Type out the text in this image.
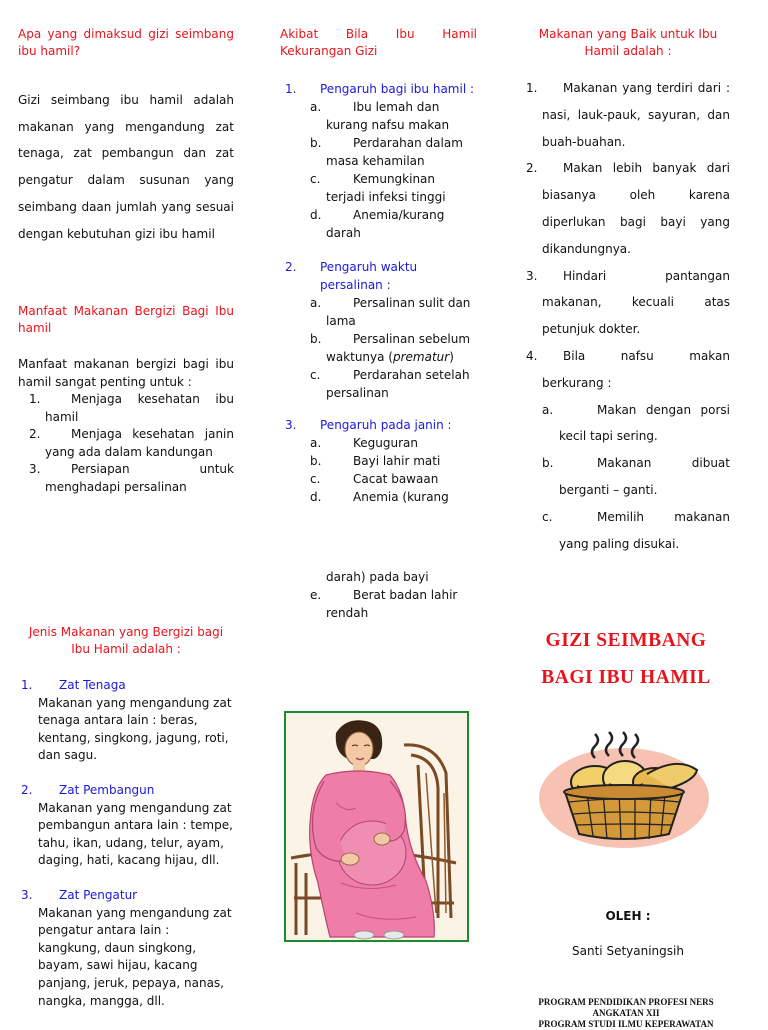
Apa yang dimaksud gizi seimbang ibu hamil?

Gizi seimbang ibu hamil adalah makanan yang mengandung zat tenaga, zat pembangun dan zat pengatur dalam susunan yang seimbang daan jumlah yang sesuai dengan kebutuhan gizi ibu hamil

Manfaat Makanan Bergizi Bagi Ibu hamil

Manfaat makanan bergizi bagi ibu hamil sangat penting untuk :

1.	Menjaga kesehatan ibu hamil
2.	Menjaga kesehatan janin yang ada dalam kandungan
3.	Persiapan untuk menghadapi persalinan

Jenis Makanan yang Bergizi bagi Ibu Hamil adalah :

1.	Zat Tenaga
Makanan yang mengandung zat tenaga antara lain : beras, kentang, singkong, jagung, roti, dan sagu.
2.	Zat Pembangun
Makanan yang mengandung zat pembangun antara lain : tempe, tahu, ikan, udang, telur, ayam, daging, hati, kacang hijau, dll.
3.	Zat Pengatur
Makanan yang mengandung zat pengatur antara lain : kangkung, daun singkong, bayam, sawi hijau, kacang panjang, jeruk, pepaya, nanas, nangka, mangga, dll.

Akibat Bila Ibu Hamil Kekurangan Gizi

1. Pengaruh bagi ibu hamil :
a.	Ibu lemah dan kurang nafsu makan
b.	Perdarahan dalam masa kehamilan
c.	Kemungkinan terjadi infeksi tinggi
d.	Anemia/kurang darah
2. Pengaruh waktu persalinan :
a.	Persalinan sulit dan lama
b.	Persalinan sebelum waktunya (prematur)
c.	Perdarahan setelah persalinan
3. Pengaruh pada janin :
a.	Keguguran
b.	Bayi lahir mati
c.	Cacat bawaan
d.	Anemia (kurang
darah) pada bayi
e.	Berat badan lahir rendah

Makanan yang Baik untuk Ibu Hamil adalah :

1.	Makanan yang terdiri dari : nasi, lauk-pauk, sayuran, dan buah-buahan.
2.	Makan lebih banyak dari biasanya oleh karena diperlukan bagi bayi yang dikandungnya.
3.	Hindari pantangan makanan, kecuali atas petunjuk dokter.
4.	Bila nafsu makan berkurang :
a.	Makan dengan porsi kecil tapi sering.
b.	Makanan dibuat berganti – ganti.
c.	Memilih makanan yang paling disukai.
GIZI SEIMBANG
BAGI IBU HAMIL
OLEH :
Santi Setyaningsih
PROGRAM PENDIDIKAN PROFESI NERS
ANGKATAN XII
PROGRAM STUDI ILMU KEPERAWATAN
